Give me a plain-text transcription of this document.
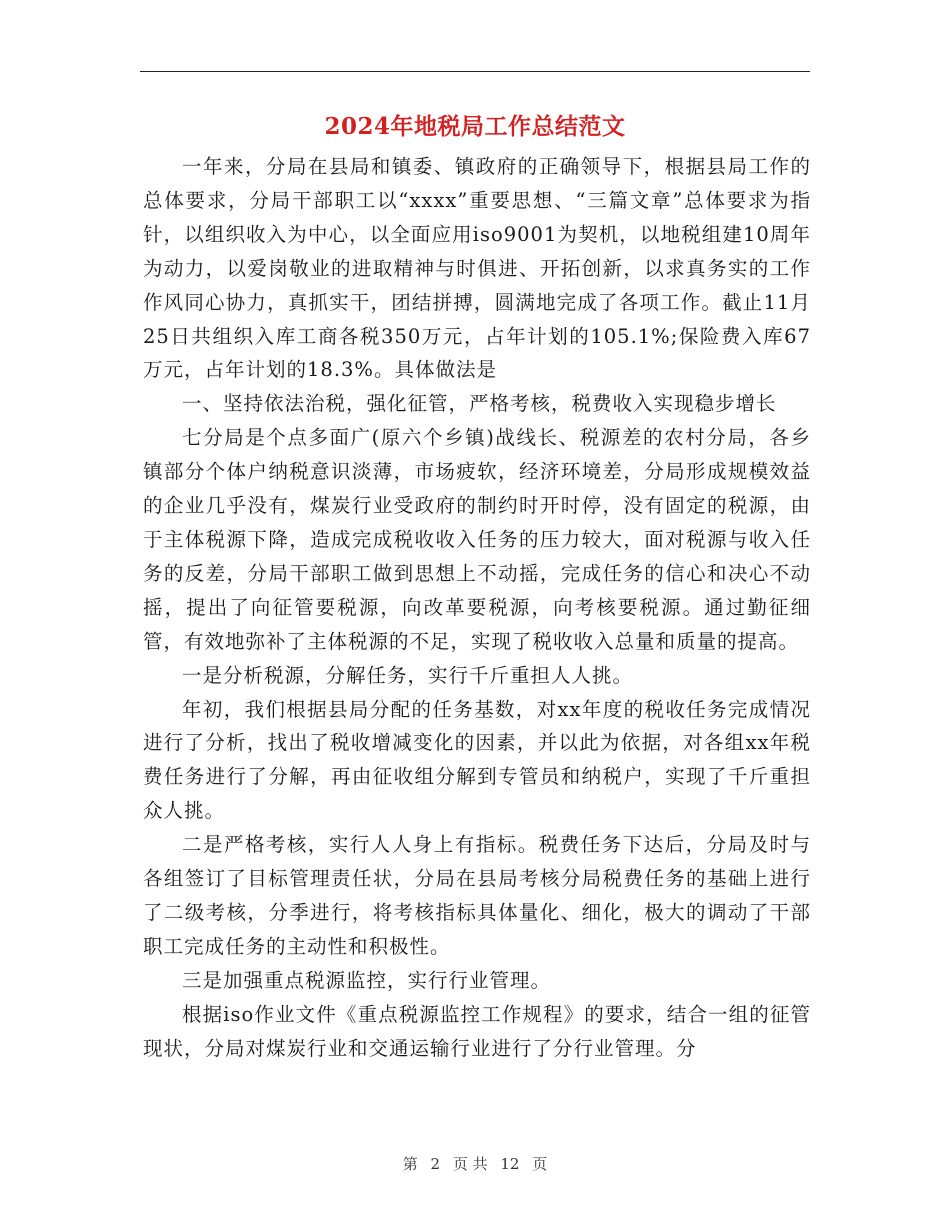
2024年地税局工作总结范文

一年来，分局在县局和镇委、镇政府的正确领导下，根据县局工作的总体要求，分局干部职工以“xxxx”重要思想、“三篇文章”总体要求为指针，以组织收入为中心，以全面应用iso9001为契机，以地税组建10周年为动力，以爱岗敬业的进取精神与时俱进、开拓创新，以求真务实的工作作风同心协力，真抓实干，团结拼搏，圆满地完成了各项工作。截止11月25日共组织入库工商各税350万元，占年计划的105.1%;保险费入库67万元，占年计划的18.3%。具体做法是

一、坚持依法治税，强化征管，严格考核，税费收入实现稳步增长

七分局是个点多面广(原六个乡镇)战线长、税源差的农村分局，各乡镇部分个体户纳税意识淡薄，市场疲软，经济环境差，分局形成规模效益的企业几乎没有，煤炭行业受政府的制约时开时停，没有固定的税源，由于主体税源下降，造成完成税收收入任务的压力较大，面对税源与收入任务的反差，分局干部职工做到思想上不动摇，完成任务的信心和决心不动摇，提出了向征管要税源，向改革要税源，向考核要税源。通过勤征细管，有效地弥补了主体税源的不足，实现了税收收入总量和质量的提高。

一是分析税源，分解任务，实行千斤重担人人挑。

年初，我们根据县局分配的任务基数，对xx年度的税收任务完成情况进行了分析，找出了税收增减变化的因素，并以此为依据，对各组xx年税费任务进行了分解，再由征收组分解到专管员和纳税户，实现了千斤重担众人挑。

二是严格考核，实行人人身上有指标。税费任务下达后，分局及时与各组签订了目标管理责任状，分局在县局考核分局税费任务的基础上进行了二级考核，分季进行，将考核指标具体量化、细化，极大的调动了干部职工完成任务的主动性和积极性。

三是加强重点税源监控，实行行业管理。

根据iso作业文件《重点税源监控工作规程》的要求，结合一组的征管现状，分局对煤炭行业和交通运输行业进行了分行业管理。分

第 2 页 共 12 页
